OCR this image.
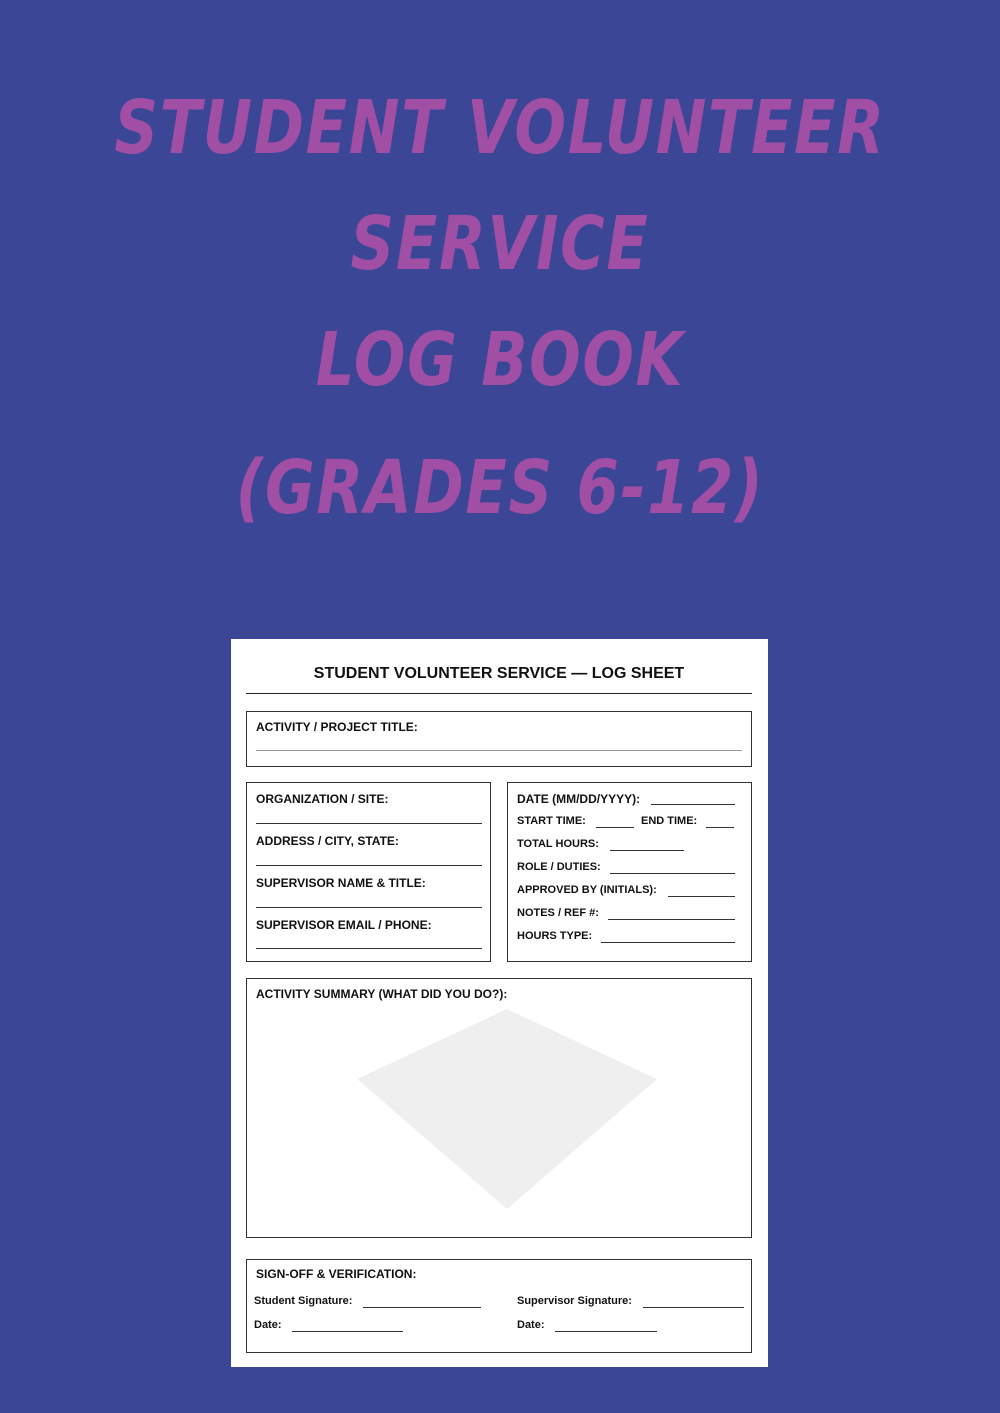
STUDENT VOLUNTEER
SERVICE
LOG BOOK
(GRADES 6-12)
STUDENT VOLUNTEER SERVICE — LOG SHEET
ACTIVITY / PROJECT TITLE:
ORGANIZATION / SITE:
ADDRESS / CITY, STATE:
SUPERVISOR NAME & TITLE:
SUPERVISOR EMAIL / PHONE:
DATE (MM/DD/YYYY):
START TIME:	END TIME:
TOTAL HOURS:
ROLE / DUTIES:
APPROVED BY (INITIALS):
NOTES / REF #:
HOURS TYPE:
ACTIVITY SUMMARY (WHAT DID YOU DO?):
SIGN-OFF & VERIFICATION:
Student Signature:	Supervisor Signature:
Date:	Date:
